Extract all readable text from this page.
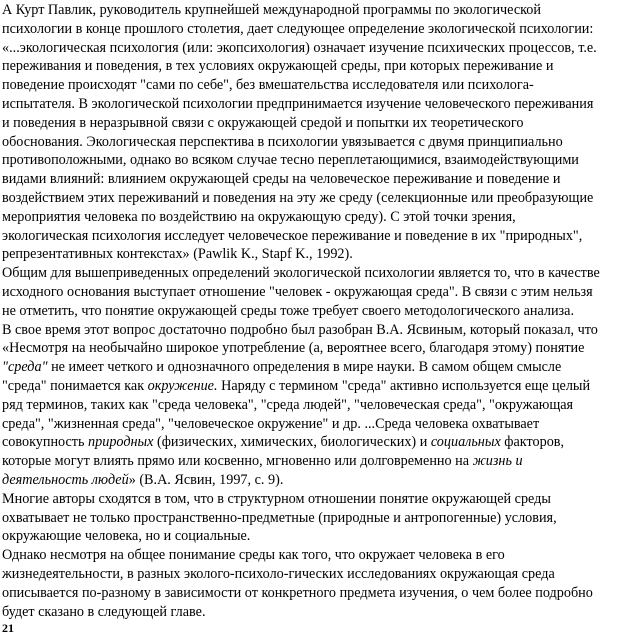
А Курт Павлик, руководитель крупнейшей международной программы по экологической
психологии в конце прошлого столетия, дает следующее определение экологической психологии:
«...экологическая психология (или: экопсихология) означает изучение психических процессов, т.е.
переживания и поведения, в тех условиях окружающей среды, при которых переживание и
поведение происходят "сами по себе", без вмешательства исследователя или психолога-
испытателя. В экологической психологии предпринимается изучение человеческого переживания
и поведения в неразрывной связи с окружающей средой и попытки их теоретического
обоснования. Экологическая перспектива в психологии увязывается с двумя принципиально
противоположными, однако во всяком случае тесно переплетающимися, взаимодействующими
видами влияний: влиянием окружающей среды на человеческое переживание и поведение и
воздействием этих переживаний и поведения на эту же среду (селекционные или преобразующие
мероприятия человека по воздействию на окружающую среду). С этой точки зрения,
экологическая психология исследует человеческое переживание и поведение в их "природных",
репрезентативных контекстах» (Pawlik K., Stapf K., 1992).

Общим для вышеприведенных определений экологической психологии является то, что в качестве
исходного основания выступает отношение "человек - окружающая среда". В связи с этим нельзя
не отметить, что понятие окружающей среды тоже требует своего методологического анализа.

В свое время этот вопрос достаточно подробно был разобран В.А. Ясвиным, который показал, что
«Несмотря на необычайно широкое употребление (а, вероятнее всего, благодаря этому) понятие
"среда" не имеет четкого и однозначного определения в мире науки. В самом общем смысле
"среда" понимается как окружение. Наряду с термином "среда" активно используется еще целый
ряд терминов, таких как "среда человека", "среда людей", "человеческая среда", "окружающая
среда", "жизненная среда", "человеческое окружение" и др. ...Среда человека охватывает
совокупность природных (физических, химических, биологических) и социальных факторов,
которые могут влиять прямо или косвенно, мгновенно или долговременно на жизнь и
деятельность людей» (В.А. Ясвин, 1997, с. 9).

Многие авторы сходятся в том, что в структурном отношении понятие окружающей среды
охватывает не только пространственно-предметные (природные и антропогенные) условия,
окружающие человека, но и социальные.

Однако несмотря на общее понимание среды как того, что окружает человека в его
жизнедеятельности, в разных эколого-психоло-гических исследованиях окружающая среда
описывается по-разному в зависимости от конкретного предмета изучения, о чем более подробно
будет сказано в следующей главе.

21
